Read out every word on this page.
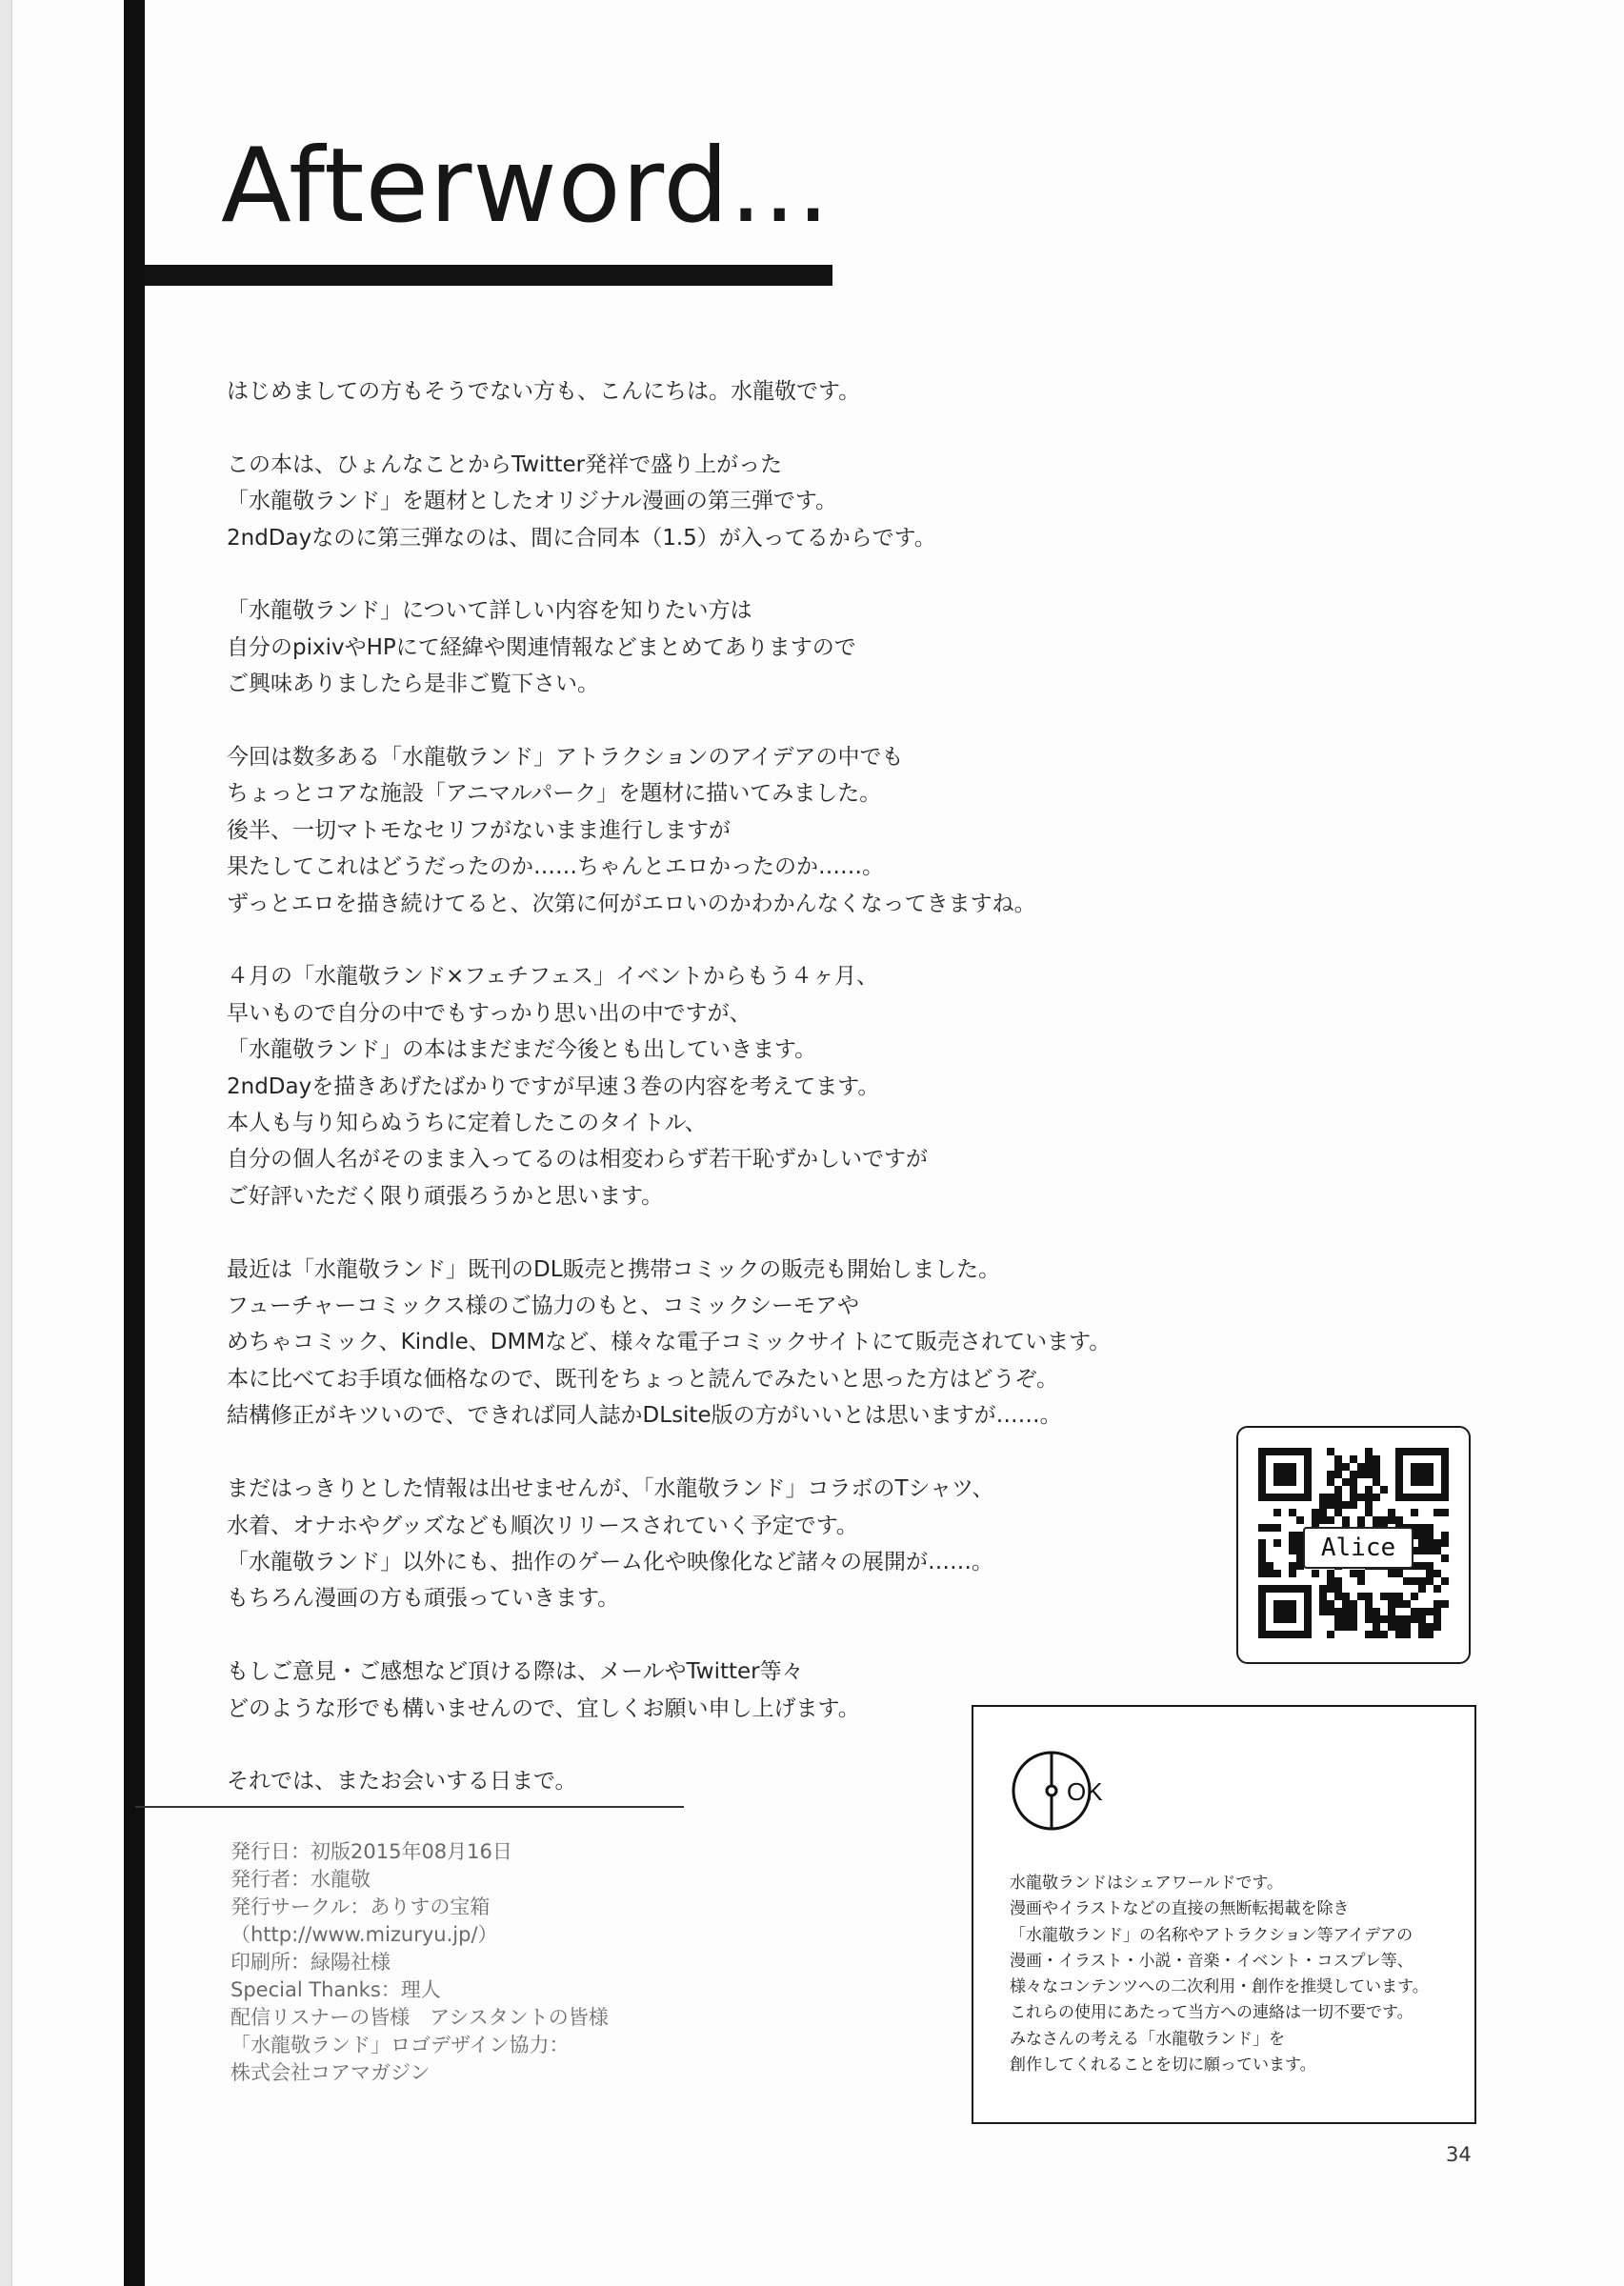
Afterword...

はじめましての方もそうでない方も、こんにちは。水龍敬です。

この本は、ひょんなことからTwitter発祥で盛り上がった
「水龍敬ランド」を題材としたオリジナル漫画の第三弾です。
2ndDayなのに第三弾なのは、間に合同本（1.5）が入ってるからです。

「水龍敬ランド」について詳しい内容を知りたい方は
自分のpixivやHPにて経緯や関連情報などまとめてありますので
ご興味ありましたら是非ご覧下さい。

今回は数多ある「水龍敬ランド」アトラクションのアイデアの中でも
ちょっとコアな施設「アニマルパーク」を題材に描いてみました。
後半、一切マトモなセリフがないまま進行しますが
果たしてこれはどうだったのか……ちゃんとエロかったのか……。
ずっとエロを描き続けてると、次第に何がエロいのかわかんなくなってきますね。

４月の「水龍敬ランド×フェチフェス」イベントからもう４ヶ月、
早いもので自分の中でもすっかり思い出の中ですが、
「水龍敬ランド」の本はまだまだ今後とも出していきます。
2ndDayを描きあげたばかりですが早速３巻の内容を考えてます。
本人も与り知らぬうちに定着したこのタイトル、
自分の個人名がそのまま入ってるのは相変わらず若干恥ずかしいですが
ご好評いただく限り頑張ろうかと思います。

最近は「水龍敬ランド」既刊のDL販売と携帯コミックの販売も開始しました。
フューチャーコミックス様のご協力のもと、コミックシーモアや
めちゃコミック、Kindle、DMMなど、様々な電子コミックサイトにて販売されています。
本に比べてお手頃な価格なので、既刊をちょっと読んでみたいと思った方はどうぞ。
結構修正がキツいので、できれば同人誌かDLsite版の方がいいとは思いますが……。

まだはっきりとした情報は出せませんが、「水龍敬ランド」コラボのTシャツ、
水着、オナホやグッズなども順次リリースされていく予定です。
「水龍敬ランド」以外にも、拙作のゲーム化や映像化など諸々の展開が……。
もちろん漫画の方も頑張っていきます。

もしご意見・ご感想など頂ける際は、メールやTwitter等々
どのような形でも構いませんので、宜しくお願い申し上げます。

それでは、またお会いする日まで。

Alice
OK
水龍敬ランドはシェアワールドです。
漫画やイラストなどの直接の無断転掲載を除き
「水龍敬ランド」の名称やアトラクション等アイデアの
漫画・イラスト・小説・音楽・イベント・コスプレ等、
様々なコンテンツへの二次利用・創作を推奨しています。
これらの使用にあたって当方への連絡は一切不要です。
みなさんの考える「水龍敬ランド」を
創作してくれることを切に願っています。
発行日：初版2015年08月16日
発行者：水龍敬
発行サークル：ありすの宝箱
（http://www.mizuryu.jp/）
印刷所：緑陽社様
Special Thanks：理人
配信リスナーの皆様　アシスタントの皆様
「水龍敬ランド」ロゴデザイン協力：
株式会社コアマガジン
34
